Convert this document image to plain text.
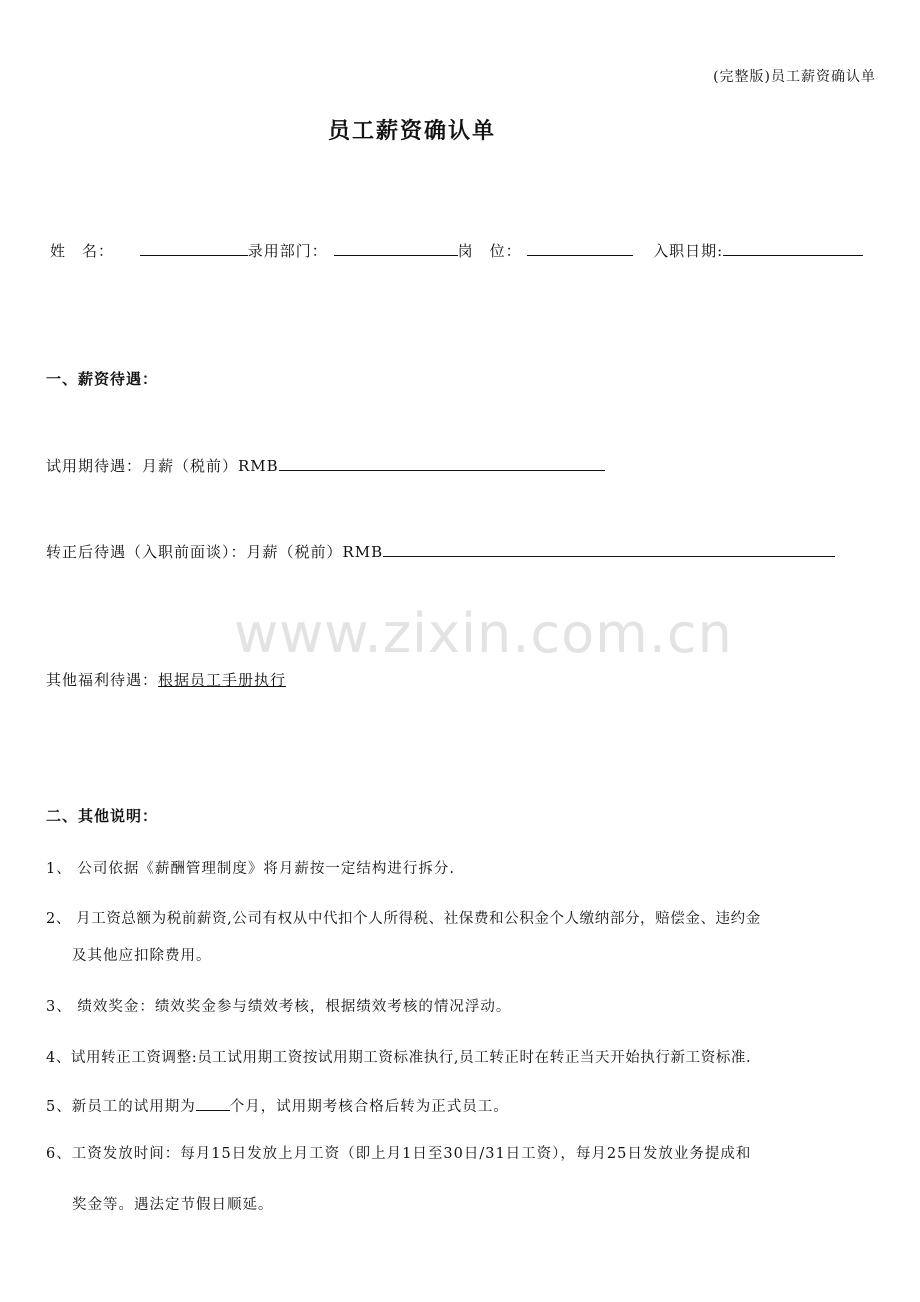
(完整版)员工薪资确认单
员工薪资确认单
姓　名：	录用部门：	岗　位：	入职日期:
一、薪资待遇：
试用期待遇：月薪（税前）RMB
转正后待遇（入职前面谈）：月薪（税前）RMB
www.zixin.com.cn
其他福利待遇：根据员工手册执行
二、其他说明：
1、 公司依据《薪酬管理制度》将月薪按一定结构进行拆分.
2、 月工资总额为税前薪资,公司有权从中代扣个人所得税、社保费和公积金个人缴纳部分，赔偿金、违约金
及其他应扣除费用。
3、 绩效奖金：绩效奖金参与绩效考核，根据绩效考核的情况浮动。
4、试用转正工资调整:员工试用期工资按试用期工资标准执行,员工转正时在转正当天开始执行新工资标准.
5、新员工的试用期为 个月，试用期考核合格后转为正式员工。
6、工资发放时间：每月15日发放上月工资（即上月1日至30日/31日工资），每月25日发放业务提成和
奖金等。遇法定节假日顺延。
